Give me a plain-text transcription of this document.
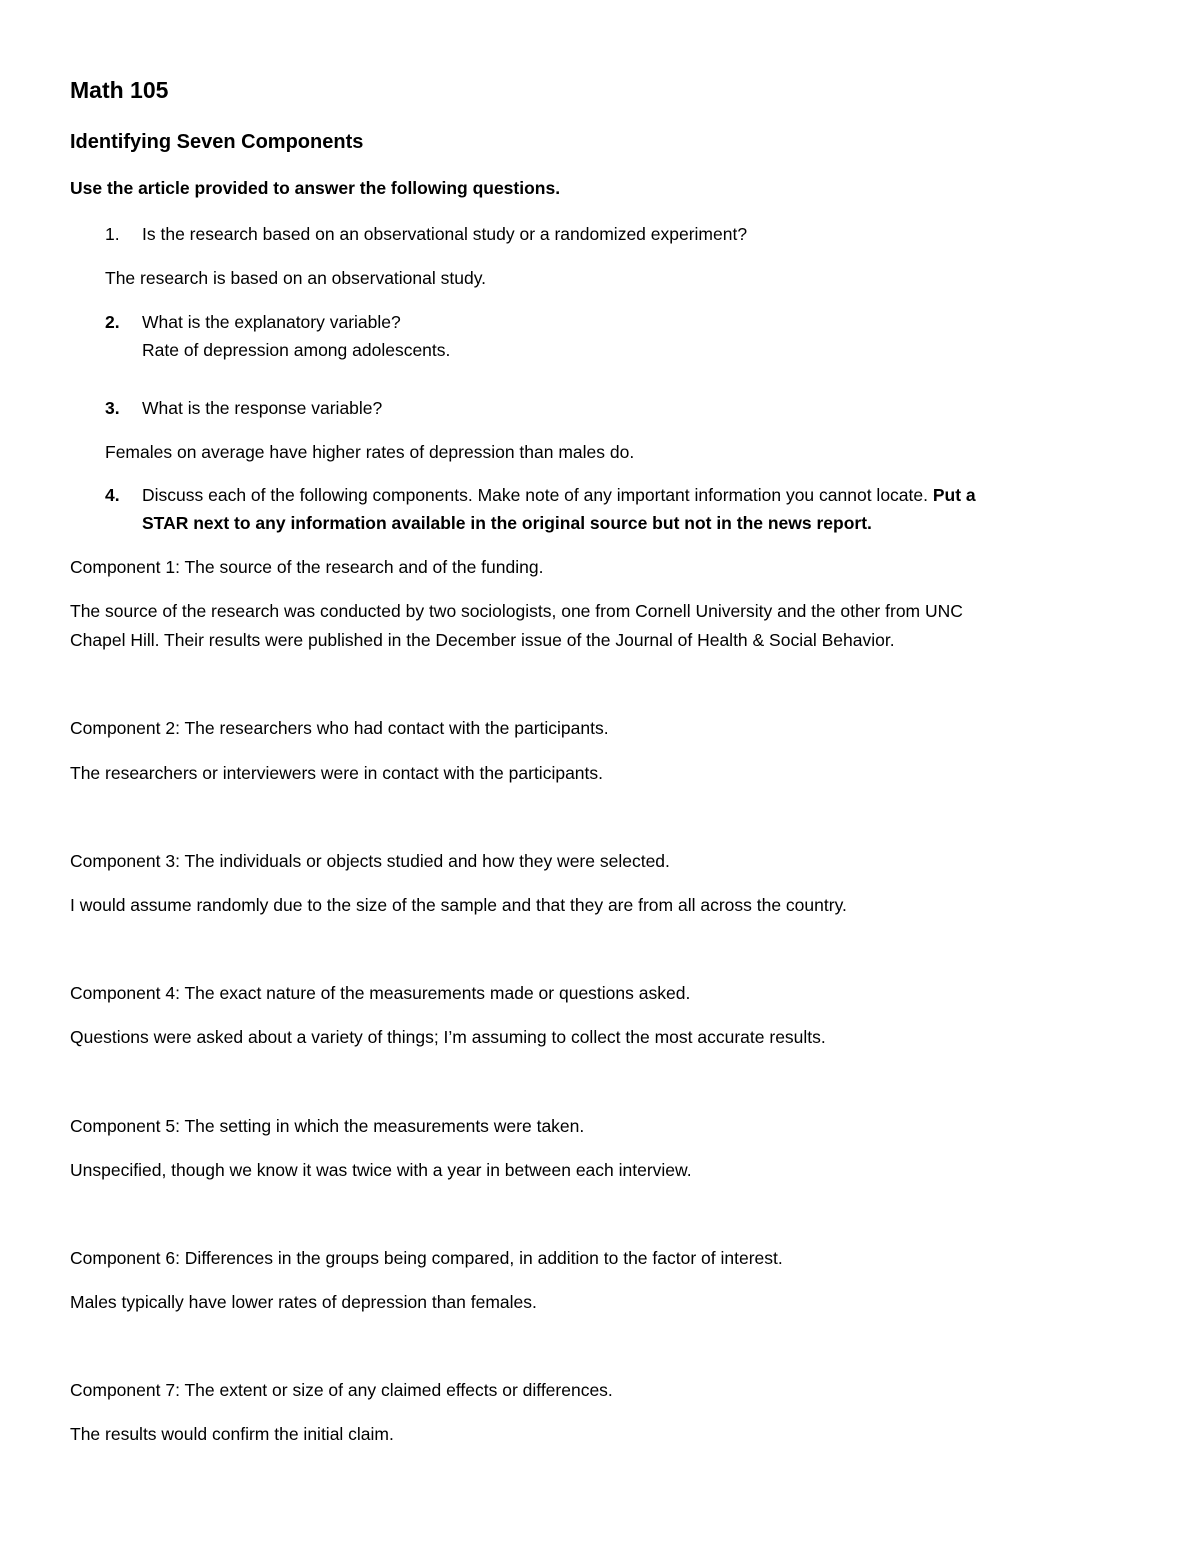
Math 105
Identifying Seven Components
Use the article provided to answer the following questions.
1. Is the research based on an observational study or a randomized experiment?
The research is based on an observational study.
2. What is the explanatory variable?
Rate of depression among adolescents.
3. What is the response variable?
Females on average have higher rates of depression than males do.
4. Discuss each of the following components. Make note of any important information you cannot locate. Put a
STAR next to any information available in the original source but not in the news report.
Component 1: The source of the research and of the funding.
The source of the research was conducted by two sociologists, one from Cornell University and the other from UNC
Chapel Hill. Their results were published in the December issue of the Journal of Health & Social Behavior.
Component 2: The researchers who had contact with the participants.
The researchers or interviewers were in contact with the participants.
Component 3: The individuals or objects studied and how they were selected.
I would assume randomly due to the size of the sample and that they are from all across the country.
Component 4: The exact nature of the measurements made or questions asked.
Questions were asked about a variety of things; I’m assuming to collect the most accurate results.
Component 5: The setting in which the measurements were taken.
Unspecified, though we know it was twice with a year in between each interview.
Component 6: Differences in the groups being compared, in addition to the factor of interest.
Males typically have lower rates of depression than females.
Component 7: The extent or size of any claimed effects or differences.
The results would confirm the initial claim.
